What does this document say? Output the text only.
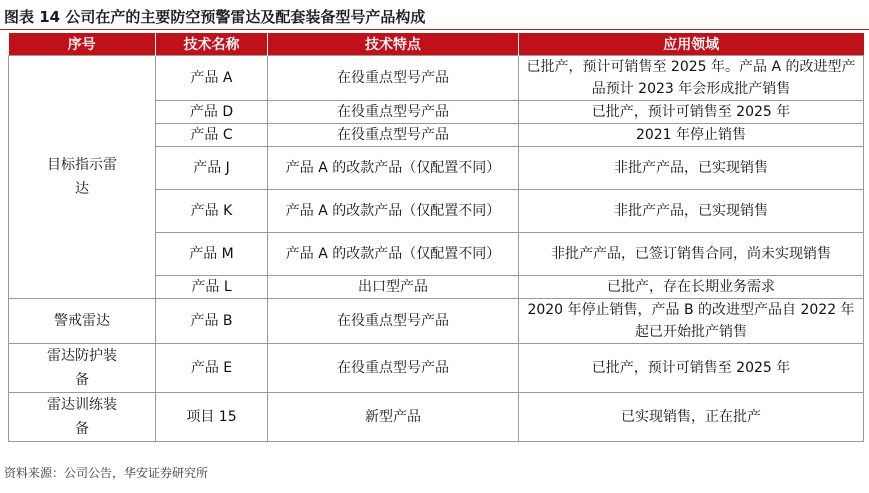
图表 14 公司在产的主要防空预警雷达及配套装备型号产品构成
序号	技术名称	技术特点	应用领域
目标指示雷达	产品 A	在役重点型号产品	已批产，预计可销售至 2025 年。产品 A 的改进型产品预计 2023 年会形成批产销售
	产品 D	在役重点型号产品	已批产，预计可销售至 2025 年
	产品 C	在役重点型号产品	2021 年停止销售
	产品 J	产品 A 的改款产品（仅配置不同）	非批产产品，已实现销售
	产品 K	产品 A 的改款产品（仅配置不同）	非批产产品，已实现销售
	产品 M	产品 A 的改款产品（仅配置不同）	非批产产品，已签订销售合同，尚未实现销售
	产品 L	出口型产品	已批产，存在长期业务需求
警戒雷达	产品 B	在役重点型号产品	2020 年停止销售，产品 B 的改进型产品自 2022 年起已开始批产销售
雷达防护装备	产品 E	在役重点型号产品	已批产，预计可销售至 2025 年
雷达训练装备	项目 15	新型产品	已实现销售，正在批产
资料来源：公司公告，华安证券研究所
